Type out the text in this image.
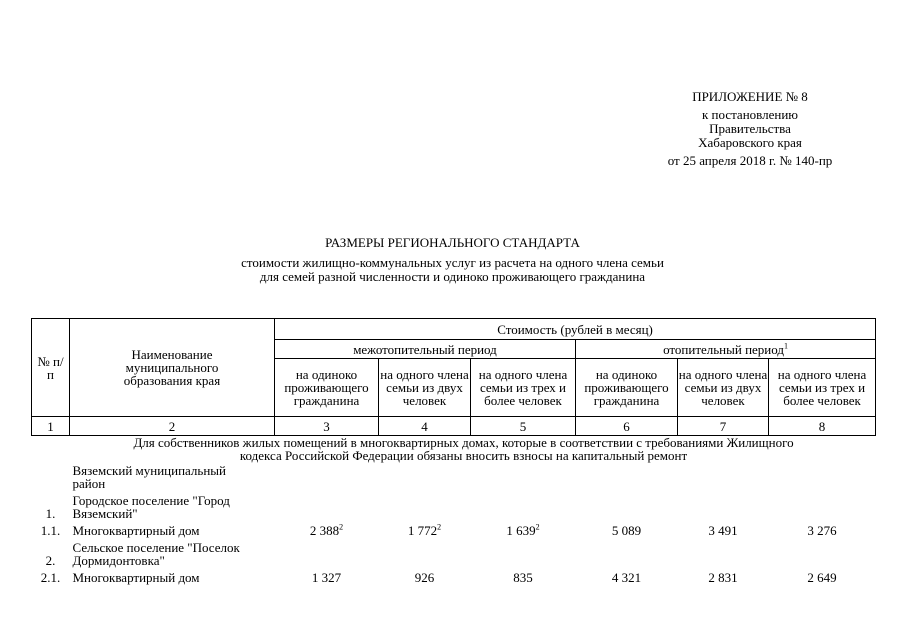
ПРИЛОЖЕНИЕ № 8
к постановлению
Правительства
Хабаровского края
от 25 апреля 2018 г. № 140-пр
РАЗМЕРЫ РЕГИОНАЛЬНОГО СТАНДАРТА
стоимости жилищно-коммунальных услуг из расчета на одного члена семьи
для семей разной численности и одиноко проживающего гражданина
№ п/п	Наименование муниципального образования края	Стоимость (рублей в месяц)					
		межотопительный период			отопительный период$^1$
		на одиноко проживающего гражданина	на одного члена семьи из двух человек	на одного члена семьи из трех и более человек	на одиноко проживающего гражданина	на одного члена семьи из двух человек	на одного члена семьи из трех и более человек
1	2	3	4	5	6	7	8
Для собственников жилых помещений в многоквартирных домах, которые в соответствии с требованиями Жилищного кодекса Российской Федерации обязаны вносить взносы на капитальный ремонт							
	Вяземский муниципальный район						
1.	Городское поселение "Город Вяземский"						
1.1.	Многоквартирный дом	2 $388^2$	1 $772^2$	1 $639^2$	5 089	3 491	3 276
2.	Сельское поселение "Поселок Дормидонтовка"						
2.1.	Многоквартирный дом	1 327	926	835	4 321	2 831	2 649
